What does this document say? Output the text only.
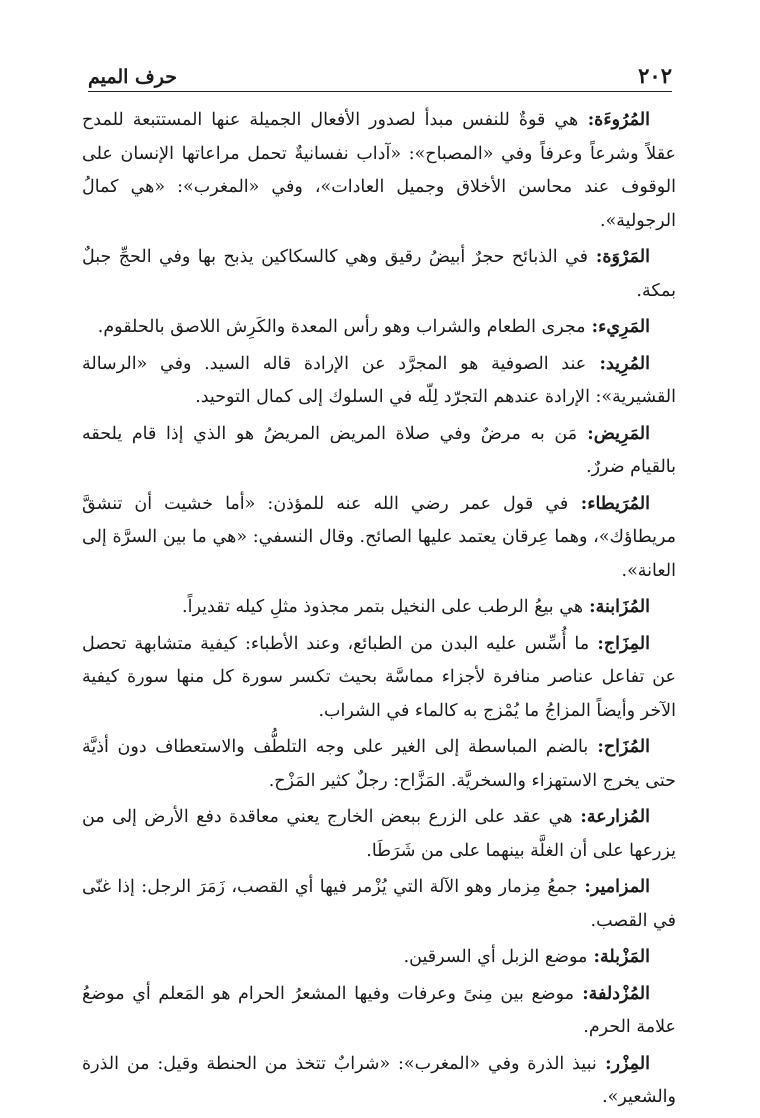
٢٠٢
حرف الميم

المُرُوءَة: هي قوةٌ للنفس مبدأ لصدور الأفعال الجميلة عنها المستتبعة للمدح عقلاً وشرعاً وعرفاً وفي «المصباح»: «آداب نفسانيةٌ تحمل مراعاتها الإنسان على الوقوف عند محاسن الأخلاق وجميل العادات»، وفي «المغرب»: «هي كمالُ الرجولية».

المَرْوَة: في الذبائح حجرٌ أبيضُ رقيق وهي كالسكاكين يذبح بها وفي الحجِّ جبلٌ بمكة.

المَرِيء: مجرى الطعام والشراب وهو رأس المعدة والكَرِش اللاصق بالحلقوم.

المُرِيد: عند الصوفية هو المجرَّد عن الإرادة قاله السيد. وفي «الرسالة القشيرية»: الإرادة عندهم التجرّد لِلّه في السلوك إلى كمال التوحيد.

المَرِيض: مَن به مرضٌ وفي صلاة المريض المريضُ هو الذي إذا قام يلحقه بالقيام ضررٌ.

المُرَيطاء: في قول عمر رضي الله عنه للمؤذن: «أما خشيت أن تنشقَّ مريطاؤك»، وهما عِرقان يعتمد عليها الصائح. وقال النسفي: «هي ما بين السرَّة إلى العانة».

المُزَابنة: هي بيعُ الرطب على النخيل بتمر مجذوذ مثلِ كيله تقديراً.

المِزَاج: ما أُسِّس عليه البدن من الطبائع، وعند الأطباء: كيفية متشابهة تحصل عن تفاعل عناصر منافرة لأجزاء مماسَّة بحيث تكسر سورة كل منها سورة كيفية الآخر وأيضاً المزاجُ ما يُمْزج به كالماء في الشراب.

المُزَاح: بالضم المباسطة إلى الغير على وجه التلطُّف والاستعطاف دون أذيَّة حتى يخرج الاستهزاء والسخريَّة. المَزَّاح: رجلٌ كثير المَزْح.

المُزارعة: هي عقد على الزرع ببعض الخارج يعني معاقدة دفع الأرض إلى من يزرعها على أن الغلَّة بينهما على من شَرَطَا.

المزامير: جمعُ مِزمار وهو الآلة التي يُزْمر فيها أي القصب، زَمَرَ الرجل: إذا غنّى في القصب.

المَزْبلة: موضع الزبل أي السرقين.

المُزْدلفة: موضع بين مِنىً وعرفات وفيها المشعرُ الحرام هو المَعلم أي موضعُ علامة الحرم.

المِزْر: نبيذ الذرة وفي «المغرب»: «شرابٌ تتخذ من الحنطة وقيل: من الذرة والشعير».
